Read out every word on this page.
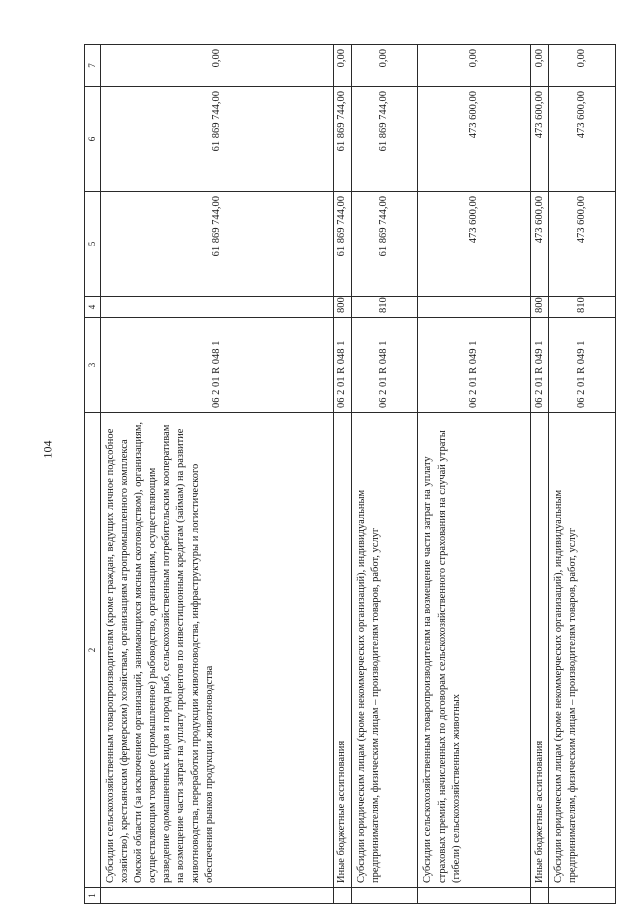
104
1	2	3	4	5	6	7
	Субсидии сельскохозяйственным товаропроизводителям (кроме граждан, ведущих личное подсобное хозяйство), крестьянским (фермерским) хозяйствам, организациям агропромышленного комплекса Омской области (за исключением организаций, занимающихся мясным скотоводством), организациям, осуществляющим товарное (промышленное) рыбоводство, организациям, осуществляющим разведение одомашненных видов и пород рыб, сельскохозяйственным потребительским кооперативам на возмещение части затрат на уплату процентов по инвестиционным кредитам (займам) на развитие животноводства, переработки продукции животноводства, инфраструктуры и логистического обеспечения рынков продукции животноводства	06 2 01 R 048 1		61 869 744,00	61 869 744,00	0,00
	Иные бюджетные ассигнования	06 2 01 R 048 1	800	61 869 744,00	61 869 744,00	0,00
	Субсидии юридическим лицам (кроме некоммерческих организаций), индивидуальным предпринимателям, физическим лицам – производителям товаров, работ, услуг	06 2 01 R 048 1	810	61 869 744,00	61 869 744,00	0,00
	Субсидии сельскохозяйственным товаропроизводителям на возмещение части затрат на уплату страховых премий, начисленных по договорам сельскохозяйственного страхования на случай утраты (гибели) сельскохозяйственных животных	06 2 01 R 049 1		473 600,00	473 600,00	0,00
	Иные бюджетные ассигнования	06 2 01 R 049 1	800	473 600,00	473 600,00	0,00
	Субсидии юридическим лицам (кроме некоммерческих организаций), индивидуальным предпринимателям, физическим лицам – производителям товаров, работ, услуг	06 2 01 R 049 1	810	473 600,00	473 600,00	0,00
